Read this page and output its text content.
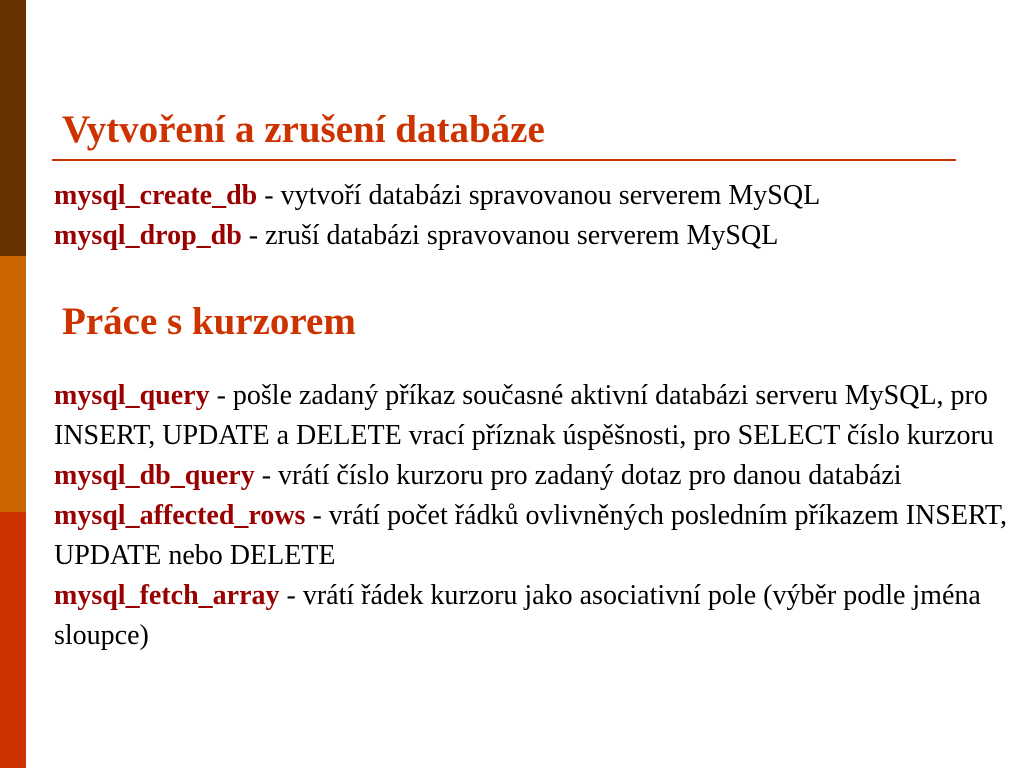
Vytvoření a zrušení databáze
mysql_create_db - vytvoří databázi spravovanou serverem MySQL
mysql_drop_db - zruší databázi spravovanou serverem MySQL
Práce s kurzorem
mysql_query - pošle zadaný příkaz současné aktivní databázi serveru MySQL, pro INSERT, UPDATE a DELETE vrací příznak úspěšnosti, pro SELECT číslo kurzoru
mysql_db_query - vrátí číslo kurzoru pro zadaný dotaz pro danou databázi
mysql_affected_rows - vrátí počet řádků ovlivněných posledním příkazem INSERT, UPDATE nebo DELETE
mysql_fetch_array - vrátí řádek kurzoru jako asociativní pole (výběr podle jména sloupce)
